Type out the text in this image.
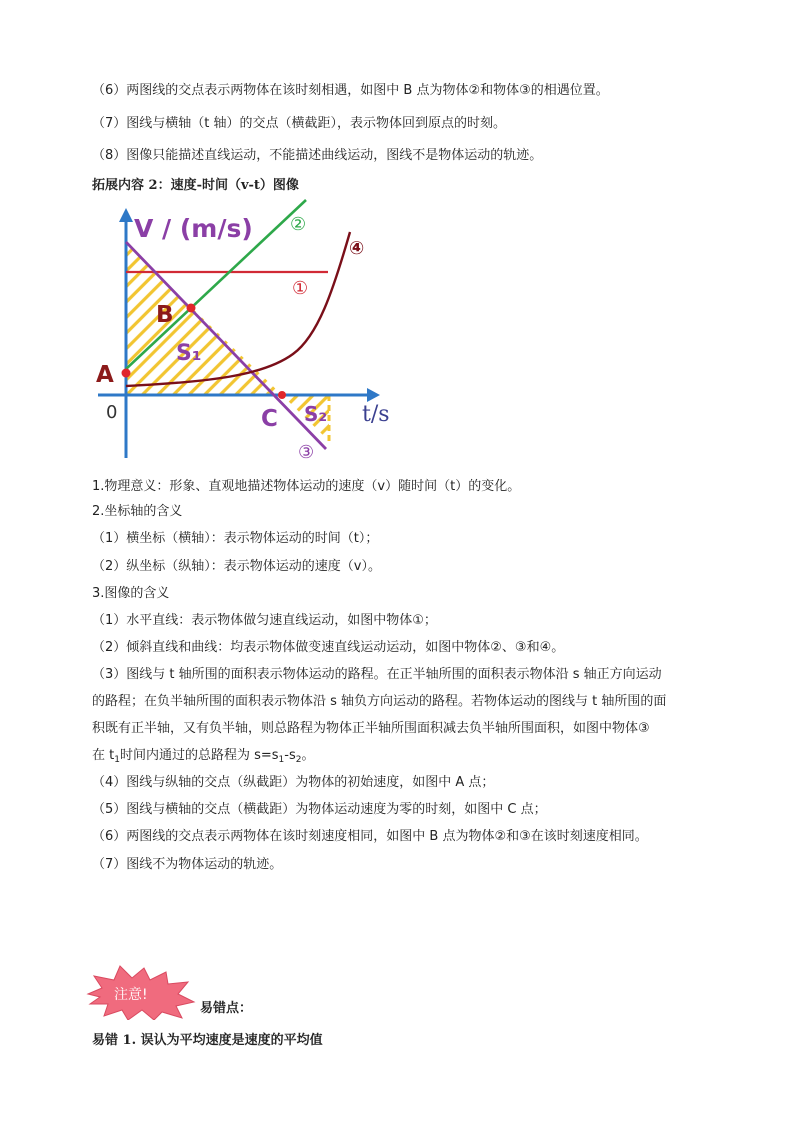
（6）两图线的交点表示两物体在该时刻相遇，如图中 B 点为物体②和物体③的相遇位置。
（7）图线与横轴（t 轴）的交点（横截距），表示物体回到原点的时刻。
（8）图像只能描述直线运动，不能描述曲线运动，图线不是物体运动的轨迹。
拓展内容 2：速度-时间（v-t）图像
V / (m/s)
t/s
0
A
B
C
S₁
S₂
①
②
③
④
1.物理意义：形象、直观地描述物体运动的速度（v）随时间（t）的变化。
2.坐标轴的含义
（1）横坐标（横轴）：表示物体运动的时间（t）；
（2）纵坐标（纵轴）：表示物体运动的速度（v）。
3.图像的含义
（1）水平直线：表示物体做匀速直线运动，如图中物体①；
（2）倾斜直线和曲线：均表示物体做变速直线运动运动，如图中物体②、③和④。
（3）图线与 t 轴所围的面积表示物体运动的路程。在正半轴所围的面积表示物体沿 s 轴正方向运动
的路程；在负半轴所围的面积表示物体沿 s 轴负方向运动的路程。若物体运动的图线与 t 轴所围的面
积既有正半轴，又有负半轴，则总路程为物体正半轴所围面积减去负半轴所围面积，如图中物体③
在 $t_1$时间内通过的总路程为 $s=s_1-s_2$。
（4）图线与纵轴的交点（纵截距）为物体的初始速度，如图中 A 点；
（5）图线与横轴的交点（横截距）为物体运动速度为零的时刻，如图中 C 点；
（6）两图线的交点表示两物体在该时刻速度相同，如图中 B 点为物体②和③在该时刻速度相同。
（7）图线不为物体运动的轨迹。
注意!
易错点：
易错 1. 误认为平均速度是速度的平均值
